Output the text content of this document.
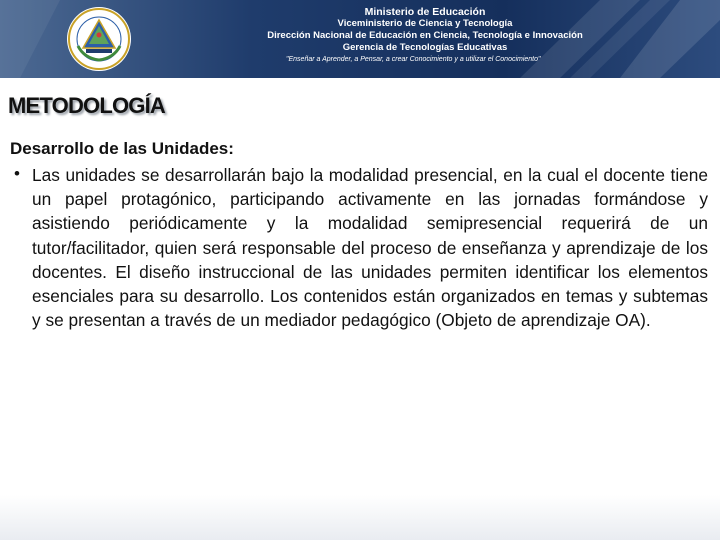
Ministerio de Educación
Viceministerio de Ciencia y Tecnología
Dirección Nacional de Educación en Ciencia, Tecnología e Innovación
Gerencia de Tecnologías Educativas
"Enseñar a Aprender, a Pensar, a crear Conocimiento y a utilizar el Conocimiento"
METODOLOGÍA
Desarrollo de las Unidades:
• Las unidades se desarrollarán bajo la modalidad presencial, en la cual el docente tiene un papel protagónico, participando activamente en las jornadas formándose y asistiendo periódicamente y la modalidad semipresencial requerirá de un tutor/facilitador, quien será responsable del proceso de enseñanza y aprendizaje de los docentes. El diseño instruccional de las unidades permiten identificar los elementos esenciales para su desarrollo. Los contenidos están organizados en temas y subtemas y se presentan a través de un mediador pedagógico (Objeto de aprendizaje OA).
